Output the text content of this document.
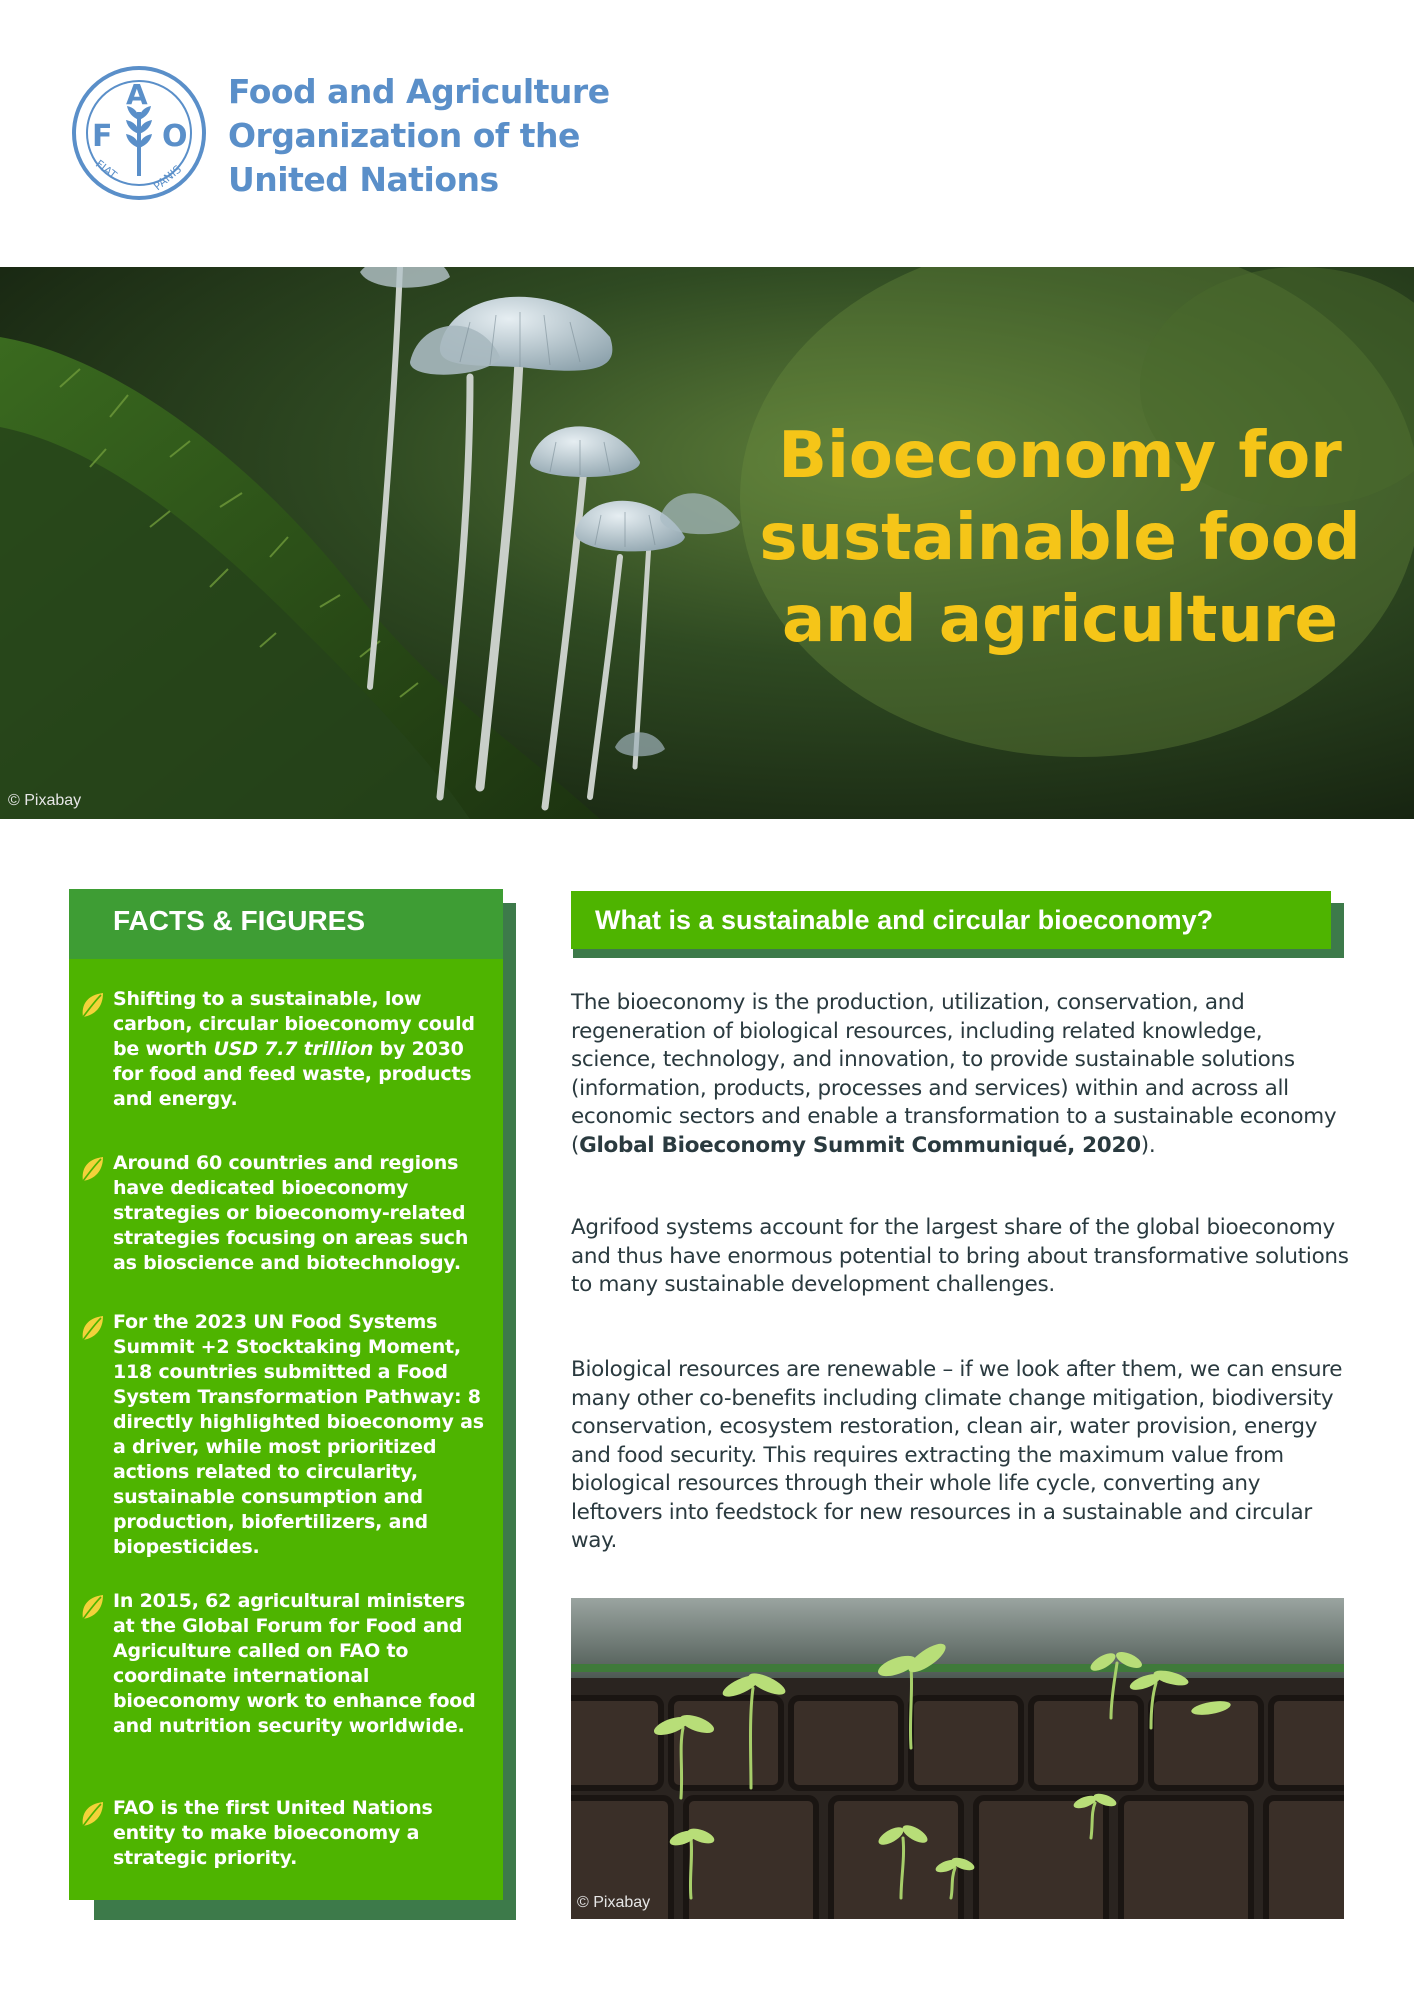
F
A
O
FIAT	PANIS
Food and Agriculture
Organization of the
United Nations
Bioeconomy for
sustainable food
and agriculture
© Pixabay
FACTS & FIGURES
Shifting to a sustainable, low carbon, circular bioeconomy could be worth USD 7.7 trillion by 2030 for food and feed waste, products and energy.
Around 60 countries and regions have dedicated bioeconomy strategies or bioeconomy-related strategies focusing on areas such as bioscience and biotechnology.
For the 2023 UN Food Systems Summit +2 Stocktaking Moment, 118 countries submitted a Food System Transformation Pathway: 8 directly highlighted bioeconomy as a driver, while most prioritized actions related to circularity, sustainable consumption and production, biofertilizers, and biopesticides.
In 2015, 62 agricultural ministers at the Global Forum for Food and Agriculture called on FAO to coordinate international bioeconomy work to enhance food and nutrition security worldwide.
FAO is the first United Nations entity to make bioeconomy a strategic priority.
What is a sustainable and circular bioeconomy?
The bioeconomy is the production, utilization, conservation, and regeneration of biological resources, including related knowledge, science, technology, and innovation, to provide sustainable solutions (information, products, processes and services) within and across all economic sectors and enable a transformation to a sustainable economy (Global Bioeconomy Summit Communiqué, 2020).
Agrifood systems account for the largest share of the global bioeconomy and thus have enormous potential to bring about transformative solutions to many sustainable development challenges.
Biological resources are renewable – if we look after them, we can ensure many other co-benefits including climate change mitigation, biodiversity conservation, ecosystem restoration, clean air, water provision, energy and food security. This requires extracting the maximum value from biological resources through their whole life cycle, converting any leftovers into feedstock for new resources in a sustainable and circular way.
© Pixabay
